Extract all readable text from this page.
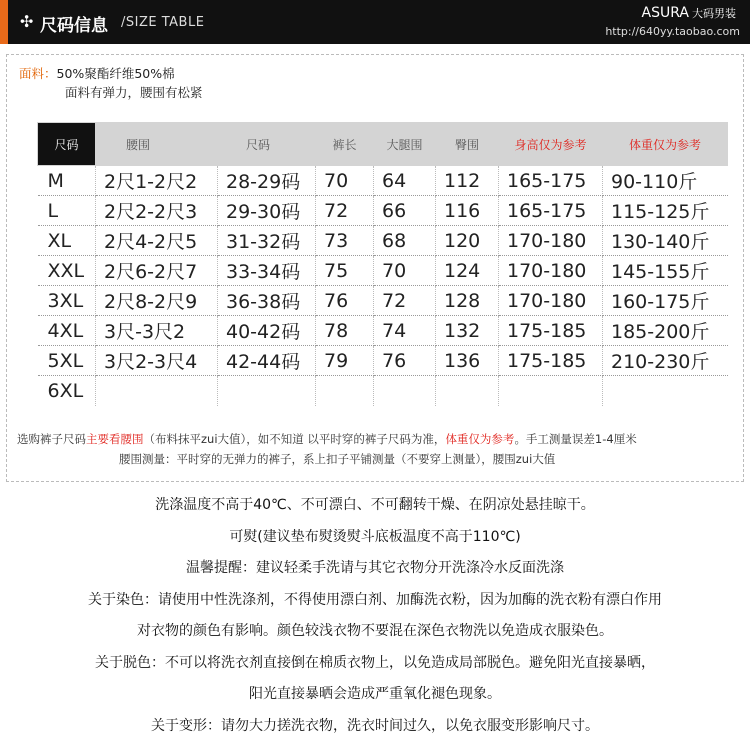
✣ 尺码信息 /SIZE TABLE
ASURA 大码男装
http://640yy.taobao.com
面料：50%聚酯纤维50%棉
面料有弹力，腰围有松紧
尺码	腰围	尺码	裤长	大腿围	臀围	身高仅为参考	体重仅为参考
M	2尺1-2尺2	28-29码	70	64	112	165-175	90-110斤
L	2尺2-2尺3	29-30码	72	66	116	165-175	115-125斤
XL	2尺4-2尺5	31-32码	73	68	120	170-180	130-140斤
XXL	2尺6-2尺7	33-34码	75	70	124	170-180	145-155斤
3XL	2尺8-2尺9	36-38码	76	72	128	170-180	160-175斤
4XL	3尺-3尺2	40-42码	78	74	132	175-185	185-200斤
5XL	3尺2-3尺4	42-44码	79	76	136	175-185	210-230斤
6XL							
选购裤子尺码主要看腰围（布料抹平zui大值），如不知道 以平时穿的裤子尺码为准，体重仅为参考。手工测量误差1-4厘米
腰围测量：平时穿的无弹力的裤子，系上扣子平铺测量（不要穿上测量），腰围zui大值
洗涤温度不高于40℃、不可漂白、不可翻转干燥、在阴凉处悬挂晾干。
可熨(建议垫布熨烫熨斗底板温度不高于110℃)
温馨提醒：建议轻柔手洗请与其它衣物分开洗涤冷水反面洗涤
关于染色：请使用中性洗涤剂，不得使用漂白剂、加酶洗衣粉，因为加酶的洗衣粉有漂白作用
对衣物的颜色有影响。颜色较浅衣物不要混在深色衣物洗以免造成衣服染色。
关于脱色：不可以将洗衣剂直接倒在棉质衣物上，以免造成局部脱色。避免阳光直接暴晒，
阳光直接暴晒会造成严重氧化褪色现象。
关于变形：请勿大力搓洗衣物，洗衣时间过久，以免衣服变形影响尺寸。
